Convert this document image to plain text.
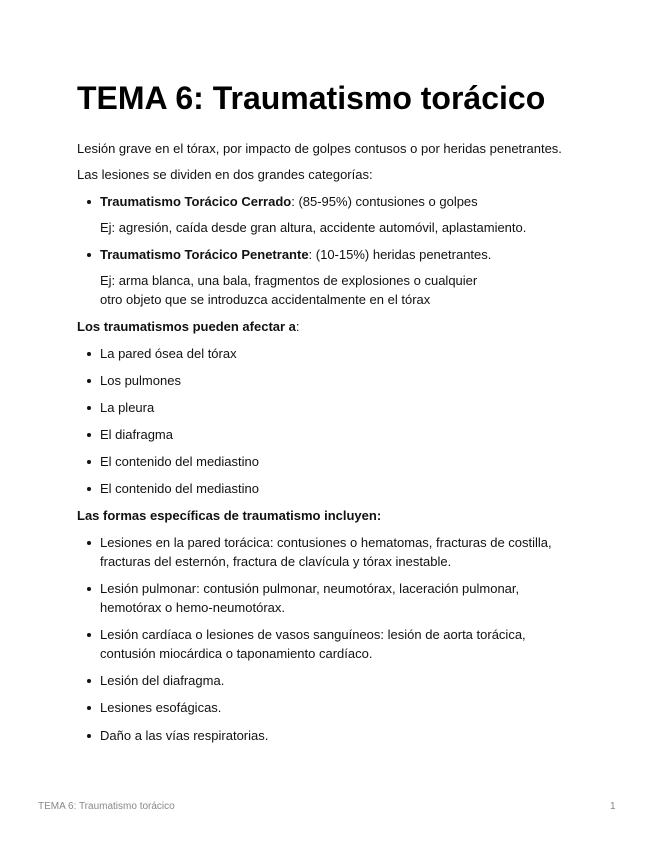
TEMA 6: Traumatismo torácico
Lesión grave en el tórax, por impacto de golpes contusos o por heridas penetrantes.
Las lesiones se dividen en dos grandes categorías:
Traumatismo Torácico Cerrado: (85-95%) contusiones o golpes
Ej: agresión, caída desde gran altura, accidente automóvil, aplastamiento.
Traumatismo Torácico Penetrante: (10-15%) heridas penetrantes.
Ej: arma blanca, una bala, fragmentos de explosiones o cualquier
otro objeto que se introduzca accidentalmente en el tórax
Los traumatismos pueden afectar a:
La pared ósea del tórax
Los pulmones
La pleura
El diafragma
El contenido del mediastino
El contenido del mediastino
Las formas específicas de traumatismo incluyen:
Lesiones en la pared torácica: contusiones o hematomas, fracturas de costilla,
fracturas del esternón, fractura de clavícula y tórax inestable.
Lesión pulmonar: contusión pulmonar, neumotórax, laceración pulmonar,
hemotórax o hemo-neumotórax.
Lesión cardíaca o lesiones de vasos sanguíneos: lesión de aorta torácica,
contusión miocárdica o taponamiento cardíaco.
Lesión del diafragma.
Lesiones esofágicas.
Daño a las vías respiratorias.
TEMA 6: Traumatismo torácico	1
